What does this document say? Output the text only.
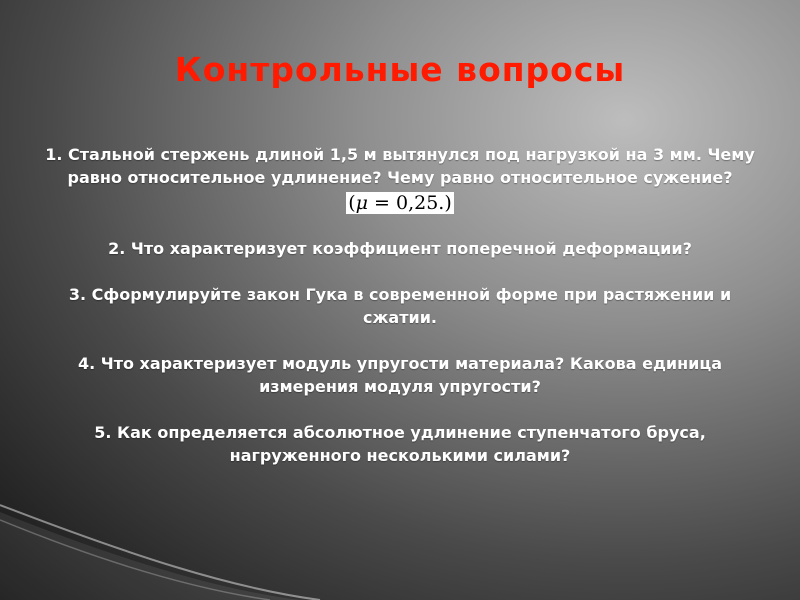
Контрольные вопросы

1. Стальной стержень длиной 1,5 м вытянулся под нагрузкой на 3 мм. Чему равно относительное удлинение? Чему равно относительное сужение?(μ = 0,25.)

2. Что характеризует коэффициент поперечной деформации?

3. Сформулируйте закон Гука в современной форме при растяжении и сжатии.

4. Что характеризует модуль упругости материала? Какова единица измерения модуля упругости?

5. Как определяется абсолютное удлинение ступенчатого бруса, нагруженного несколькими силами?
